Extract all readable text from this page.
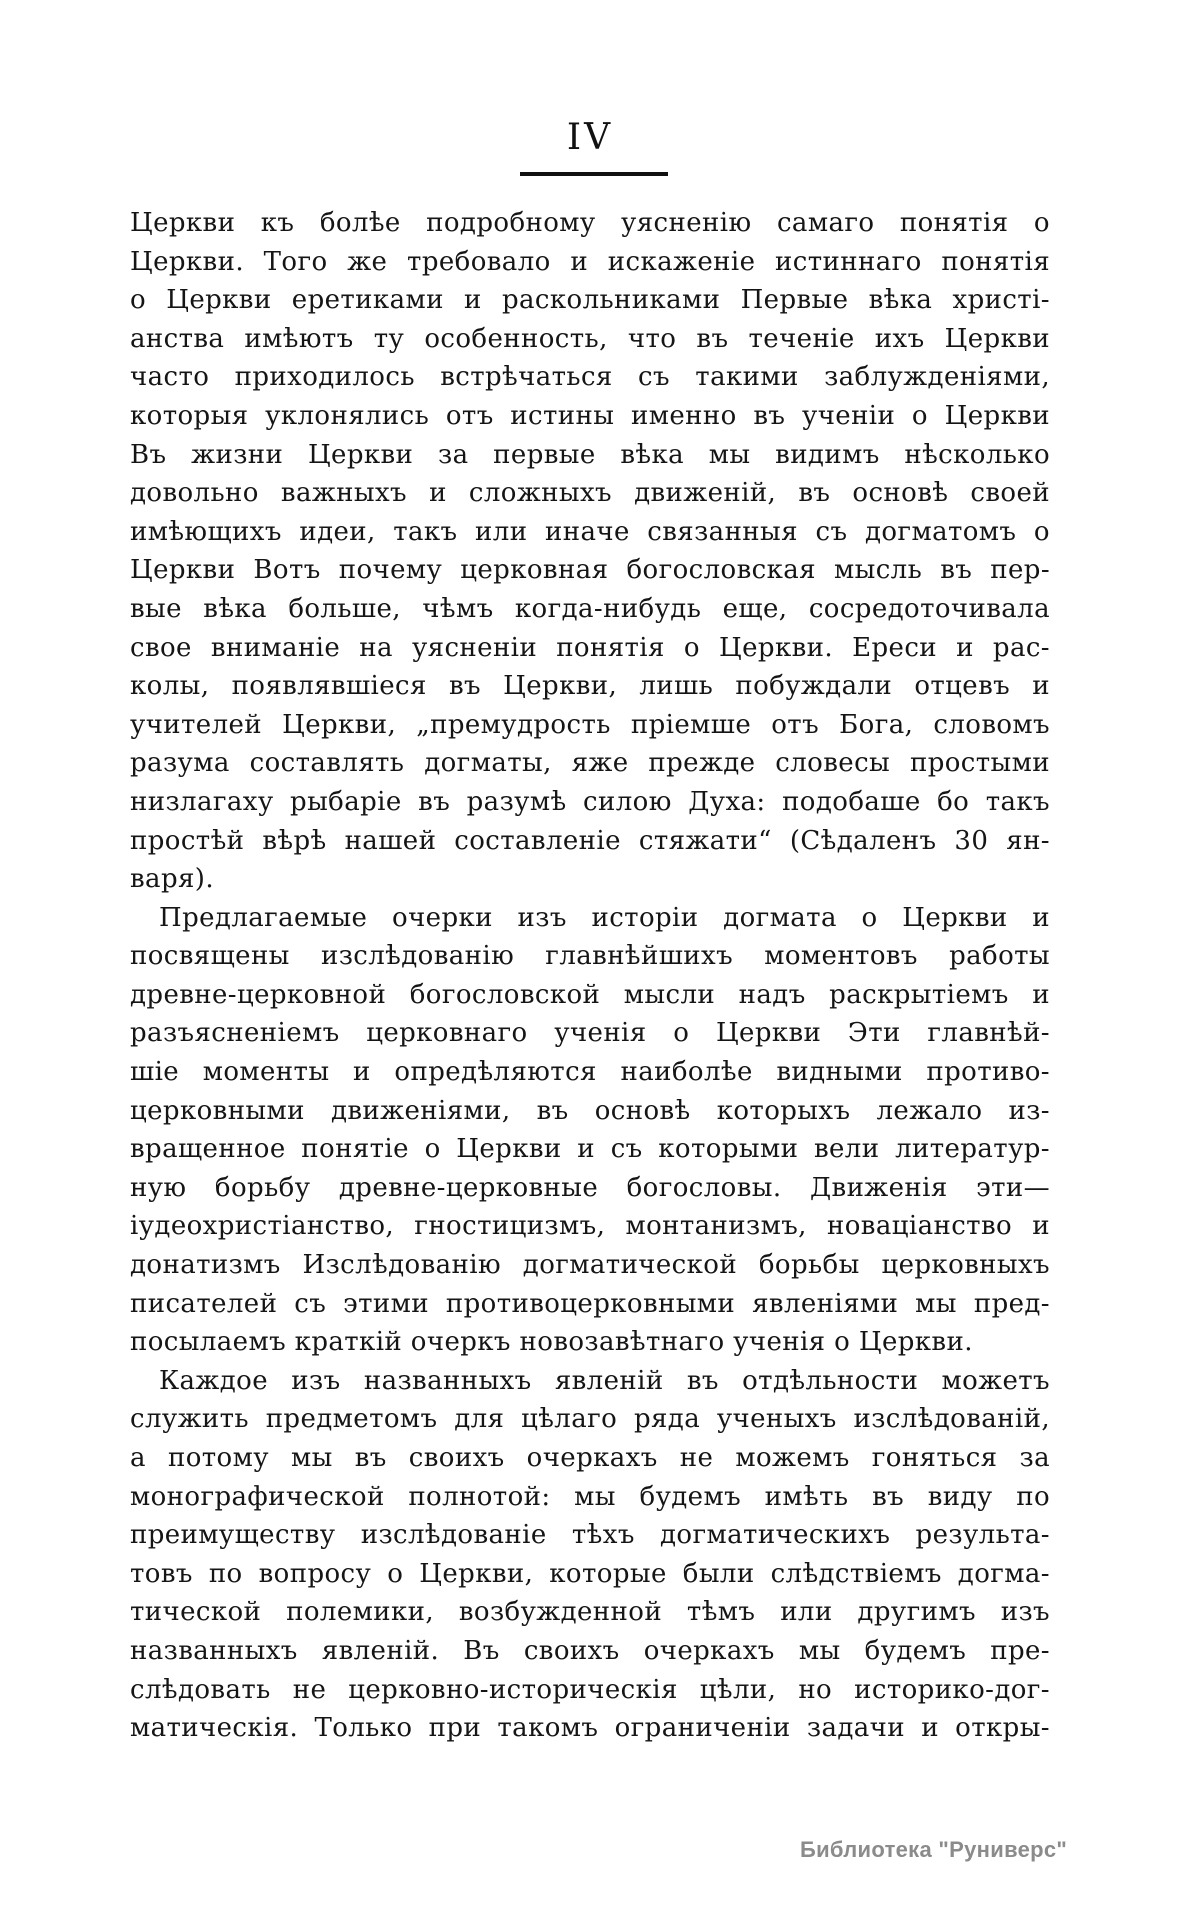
IV
Церкви къ болѣе подробному уясненію самаго понятія о
Церкви. Того же требовало и искаженіе истиннаго понятія
о Церкви еретиками и раскольниками Первые вѣка христі-
анства имѣютъ ту особенность, что въ теченіе ихъ Церкви
часто приходилось встрѣчаться съ такими заблужденіями,
которыя уклонялись отъ истины именно въ ученіи о Церкви
Въ жизни Церкви за первые вѣка мы видимъ нѣсколько
довольно важныхъ и сложныхъ движеній, въ основѣ своей
имѣющихъ идеи, такъ или иначе связанныя съ догматомъ о
Церкви Вотъ почему церковная богословская мысль въ пер-
вые вѣка больше, чѣмъ когда-нибудь еще, сосредоточивала
свое вниманіе на уясненіи понятія о Церкви. Ереси и рас-
колы, появлявшіеся въ Церкви, лишь побуждали отцевъ и
учителей Церкви, „премудрость пріемше отъ Бога, словомъ
разума составлять догматы, яже прежде словесы простыми
низлагаху рыбаріе въ разумѣ силою Духа: подобаше бо такъ
простѣй вѣрѣ нашей составленіе стяжати“ (Сѣдаленъ 30 ян-
варя).
Предлагаемые очерки изъ исторіи догмата о Церкви и
посвящены изслѣдованію главнѣйшихъ моментовъ работы
древне-церковной богословской мысли надъ раскрытіемъ и
разъясненіемъ церковнаго ученія о Церкви Эти главнѣй-
шіе моменты и опредѣляются наиболѣе видными противо-
церковными движеніями, въ основѣ которыхъ лежало из-
вращенное понятіе о Церкви и съ которыми вели литератур-
ную борьбу древне-церковные богословы. Движенія эти—
іудеохристіанство, гностицизмъ, монтанизмъ, новаціанство и
донатизмъ Изслѣдованію догматической борьбы церковныхъ
писателей съ этими противоцерковными явленіями мы пред-
посылаемъ краткій очеркъ новозавѣтнаго ученія о Церкви.
Каждое изъ названныхъ явленій въ отдѣльности можетъ
служить предметомъ для цѣлаго ряда ученыхъ изслѣдованій,
а потому мы въ своихъ очеркахъ не можемъ гоняться за
монографической полнотой: мы будемъ имѣть въ виду по
преимуществу изслѣдованіе тѣхъ догматическихъ результа-
товъ по вопросу о Церкви, которые были слѣдствіемъ догма-
тической полемики, возбужденной тѣмъ или другимъ изъ
названныхъ явленій. Въ своихъ очеркахъ мы будемъ пре-
слѣдовать не церковно-историческія цѣли, но историко-дог-
матическія. Только при такомъ ограниченіи задачи и откры-
Библиотека "Руниверс"
